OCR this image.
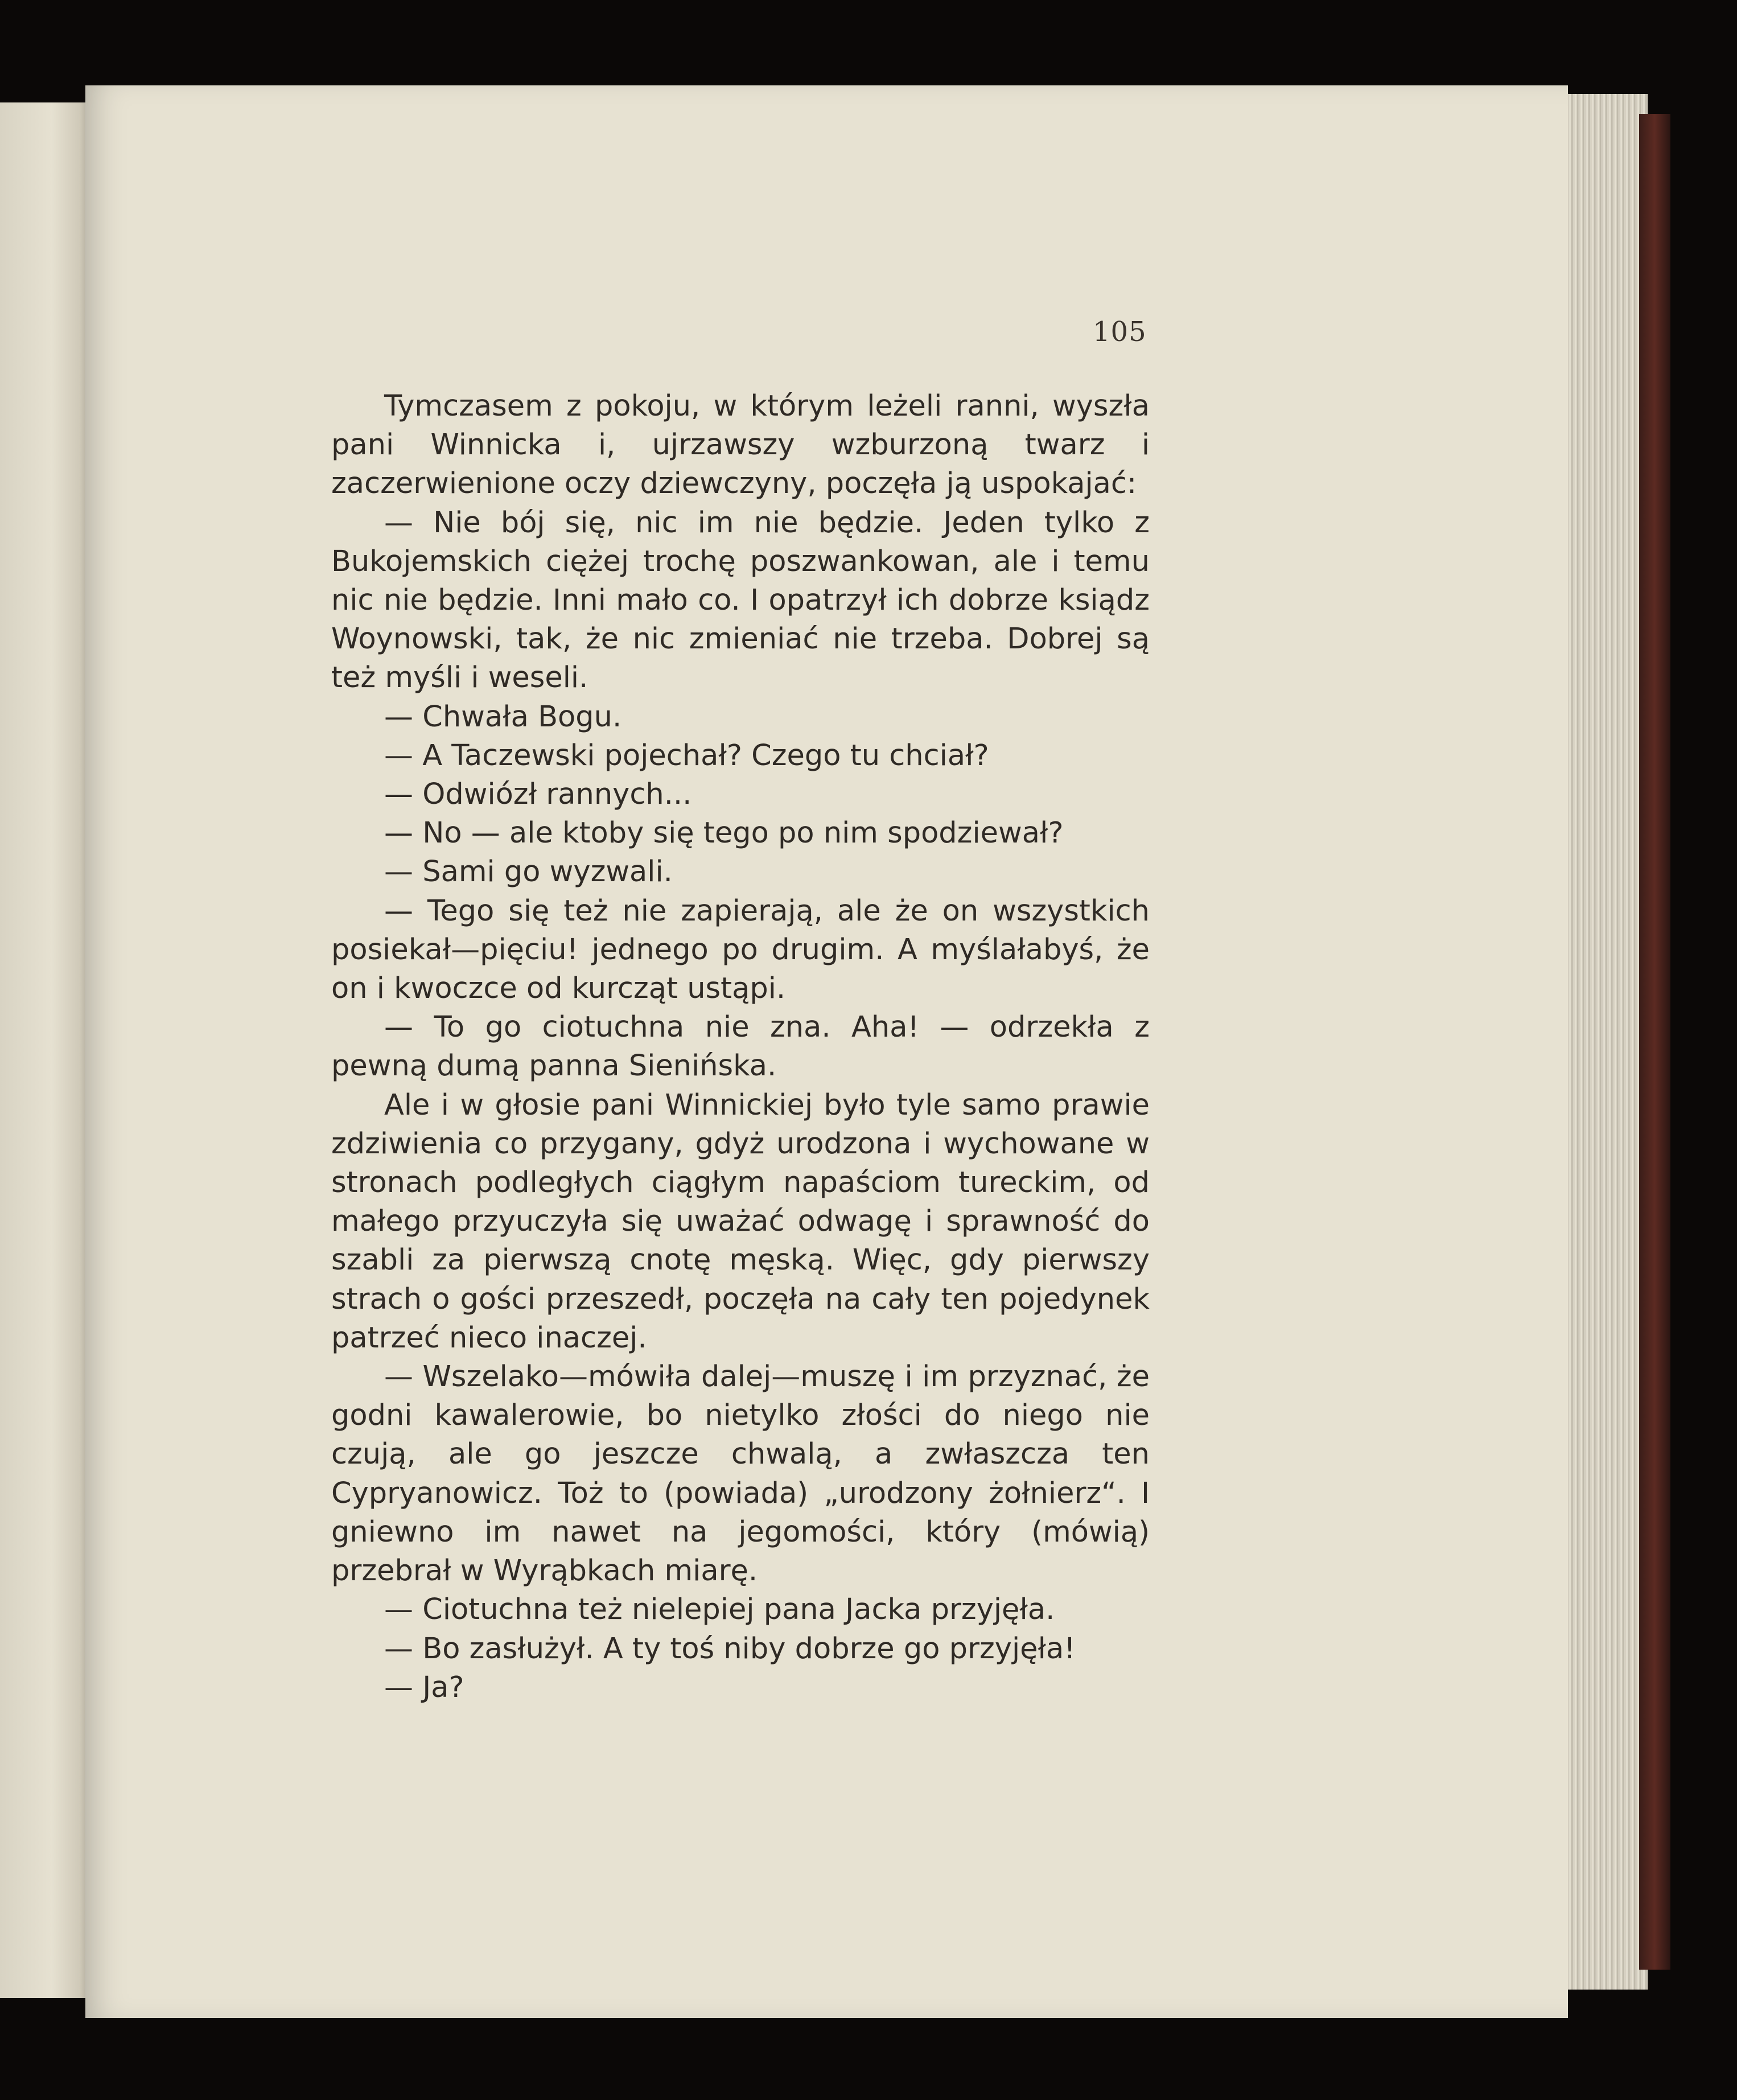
105

Tymczasem z pokoju, w którym leżeli ranni, wyszła pani Winnicka i, ujrzawszy wzburzoną twarz i zaczerwienione oczy dziewczyny, poczęła ją uspokajać:

— Nie bój się, nic im nie będzie. Jeden tylko z Bukojemskich ciężej trochę poszwankowan, ale i temu nic nie będzie. Inni mało co. I opatrzył ich dobrze ksiądz Woynowski, tak, że nic zmieniać nie trzeba. Dobrej są też myśli i weseli.

— Chwała Bogu.

— A Taczewski pojechał? Czego tu chciał?

— Odwiózł rannych...

— No — ale ktoby się tego po nim spodziewał?

— Sami go wyzwali.

— Tego się też nie zapierają, ale że on wszystkich posiekał—pięciu! jednego po drugim. A myślałabyś, że on i kwoczce od kurcząt ustąpi.

— To go ciotuchna nie zna. Aha! — odrzekła z pewną dumą panna Sienińska.

Ale i w głosie pani Winnickiej było tyle samo prawie zdziwienia co przygany, gdyż urodzona i wychowane w stronach podległych ciągłym napaściom tureckim, od małego przyuczyła się uważać odwagę i sprawność do szabli za pierwszą cnotę męską. Więc, gdy pierwszy strach o gości przeszedł, poczęła na cały ten pojedynek patrzeć nieco inaczej.

— Wszelako—mówiła dalej—muszę i im przyznać, że godni kawalerowie, bo nietylko złości do niego nie czują, ale go jeszcze chwalą, a zwłaszcza ten Cypryanowicz. Toż to (powiada) „urodzony żołnierz“. I gniewno im nawet na jegomości, który (mówią) przebrał w Wyrąbkach miarę.

— Ciotuchna też nielepiej pana Jacka przyjęła.

— Bo zasłużył. A ty toś niby dobrze go przyjęła!

— Ja?
